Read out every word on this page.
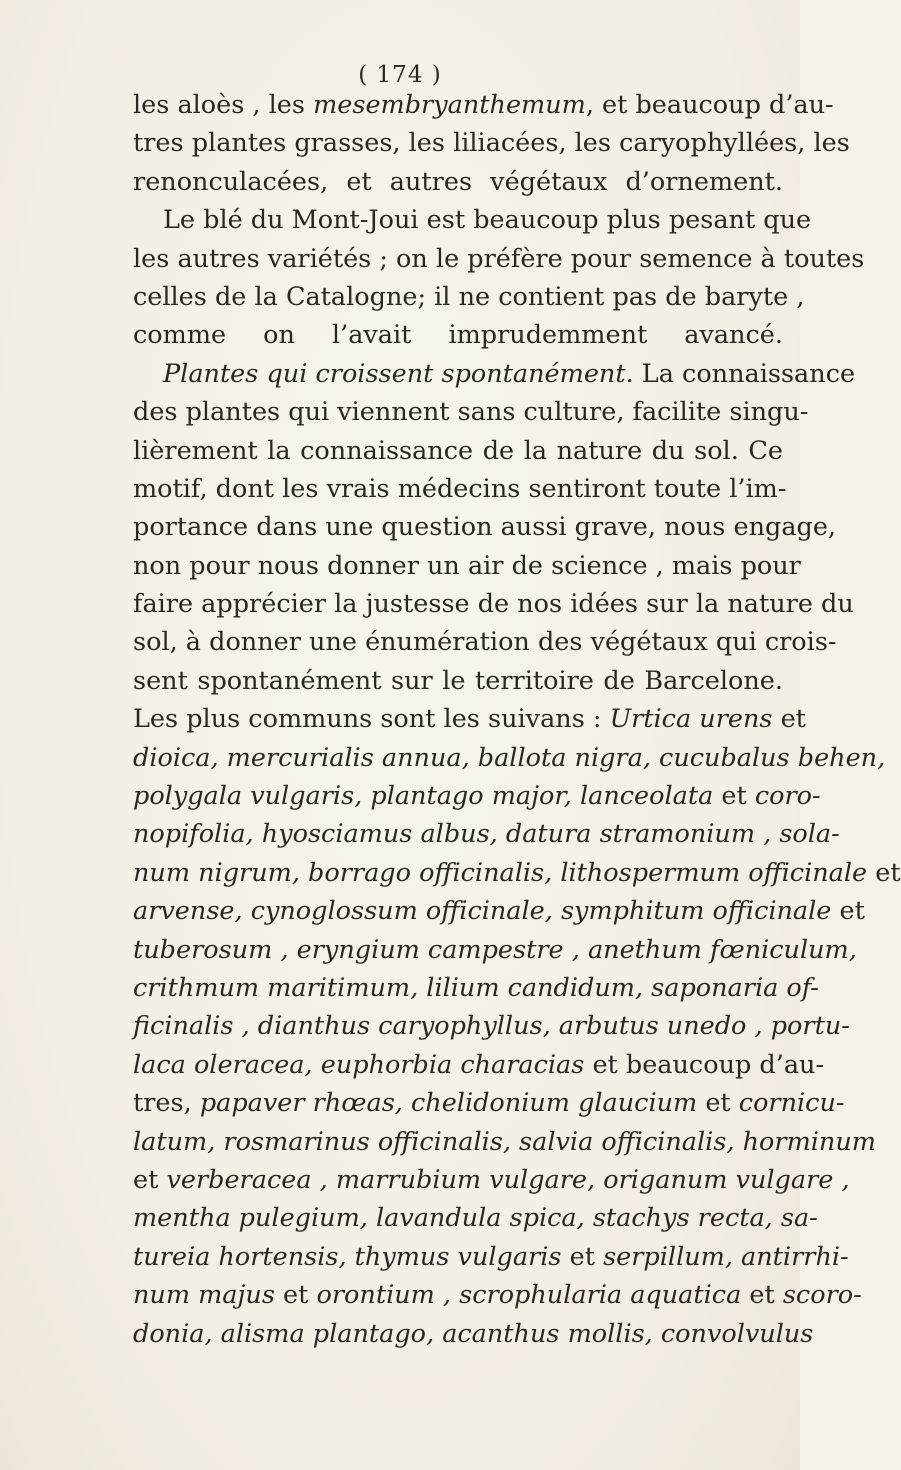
( 174 )
les aloès , les mesembryanthemum, et beaucoup d’au-
tres plantes grasses, les liliacées, les caryophyllées, les
renonculacées, et autres végétaux d’ornement.
Le blé du Mont-Joui est beaucoup plus pesant que
les autres variétés ; on le préfère pour semence à toutes
celles de la Catalogne; il ne contient pas de baryte ,
comme on l’avait imprudemment avancé.
Plantes qui croissent spontanément. La connaissance
des plantes qui viennent sans culture, facilite singu-
lièrement la connaissance de la nature du sol. Ce
motif, dont les vrais médecins sentiront toute l’im-
portance dans une question aussi grave, nous engage,
non pour nous donner un air de science , mais pour
faire apprécier la justesse de nos idées sur la nature du
sol, à donner une énumération des végétaux qui crois-
sent spontanément sur le territoire de Barcelone.
Les plus communs sont les suivans : Urtica urens et
dioica, mercurialis annua, ballota nigra, cucubalus behen,
polygala vulgaris, plantago major, lanceolata et coro-
nopifolia, hyosciamus albus, datura stramonium , sola-
num nigrum, borrago officinalis, lithospermum officinale et
arvense, cynoglossum officinale, symphitum officinale et
tuberosum , eryngium campestre , anethum fœniculum,
crithmum maritimum, lilium candidum, saponaria of-
ficinalis , dianthus caryophyllus, arbutus unedo , portu-
laca oleracea, euphorbia characias et beaucoup d’au-
tres, papaver rhœas, chelidonium glaucium et cornicu-
latum, rosmarinus officinalis, salvia officinalis, horminum
et verberacea , marrubium vulgare, origanum vulgare ,
mentha pulegium, lavandula spica, stachys recta, sa-
tureia hortensis, thymus vulgaris et serpillum, antirrhi-
num majus et orontium , scrophularia aquatica et scoro-
donia, alisma plantago, acanthus mollis, convolvulus
